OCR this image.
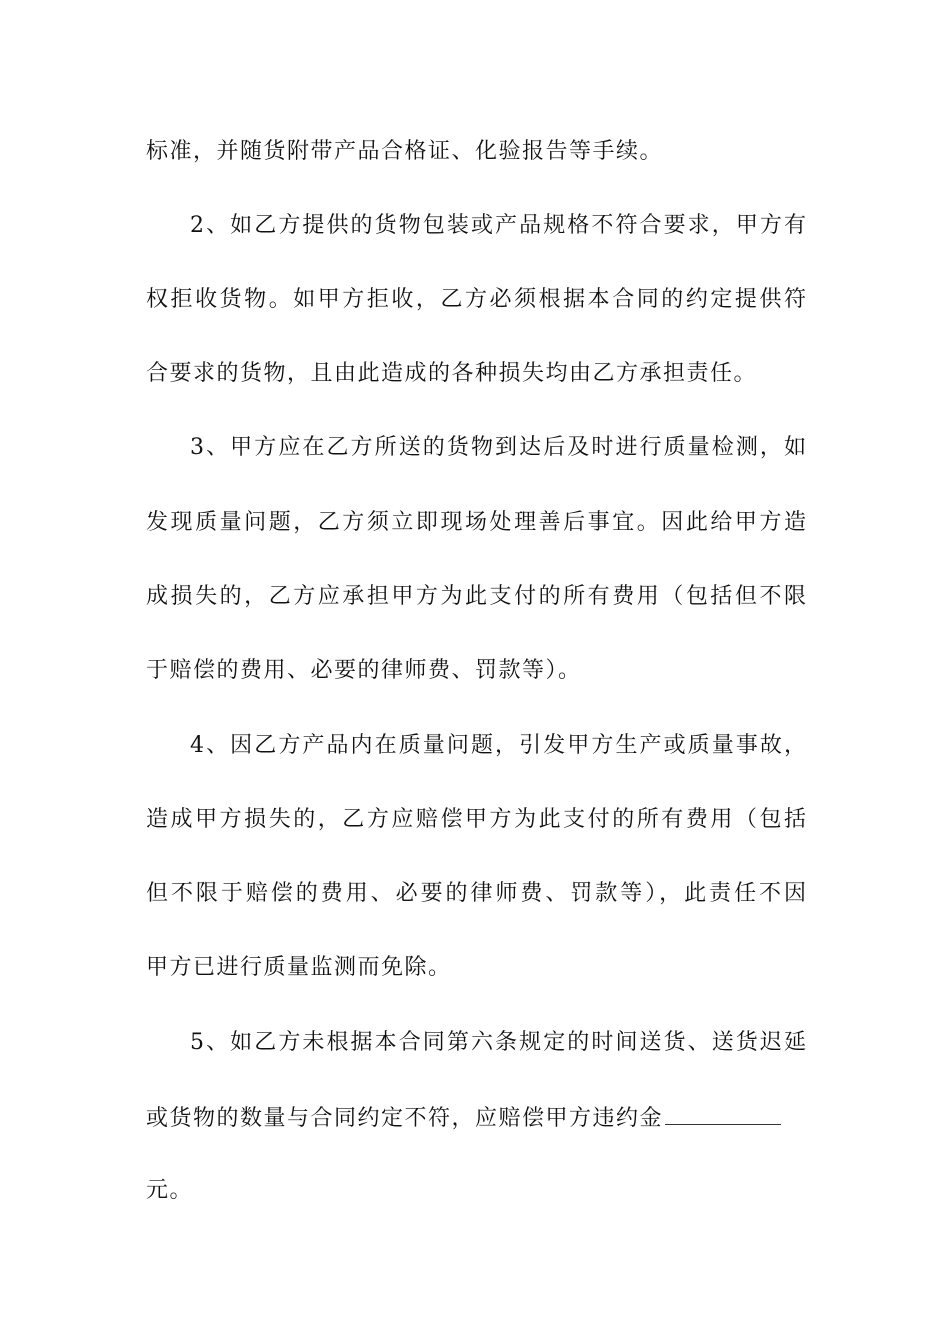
标准，并随货附带产品合格证、化验报告等手续。
2、如乙方提供的货物包装或产品规格不符合要求，甲方有
权拒收货物。如甲方拒收，乙方必须根据本合同的约定提供符
合要求的货物，且由此造成的各种损失均由乙方承担责任。
3、甲方应在乙方所送的货物到达后及时进行质量检测，如
发现质量问题，乙方须立即现场处理善后事宜。因此给甲方造
成损失的，乙方应承担甲方为此支付的所有费用（包括但不限
于赔偿的费用、必要的律师费、罚款等）。
4、因乙方产品内在质量问题，引发甲方生产或质量事故，
造成甲方损失的，乙方应赔偿甲方为此支付的所有费用（包括
但不限于赔偿的费用、必要的律师费、罚款等），此责任不因
甲方已进行质量监测而免除。
5、如乙方未根据本合同第六条规定的时间送货、送货迟延
或货物的数量与合同约定不符，应赔偿甲方违约金
元。
